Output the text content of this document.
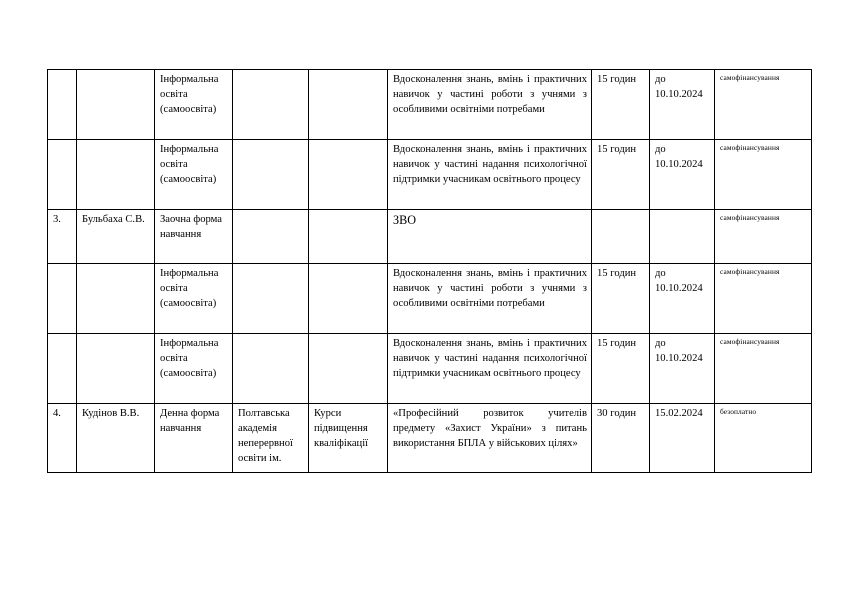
		Інформальна освіта (самоосвіта)			Вдосконалення знань, вмінь і практичних навичок у частині роботи з учнями з особливими освітніми потребами	15 годин	до 10.10.2024	самофінансування
		Інформальна освіта (самоосвіта)			Вдосконалення знань, вмінь і практичних навичок у частині надання психологічної підтримки учасникам освітнього процесу	15 годин	до 10.10.2024	самофінансування
3.	Бульбаха С.В.	Заочна форма навчання			ЗВО			самофінансування
		Інформальна освіта (самоосвіта)			Вдосконалення знань, вмінь і практичних навичок у частині роботи з учнями з особливими освітніми потребами	15 годин	до 10.10.2024	самофінансування
		Інформальна освіта (самоосвіта)			Вдосконалення знань, вмінь і практичних навичок у частині надання психологічної підтримки учасникам освітнього процесу	15 годин	до 10.10.2024	самофінансування
4.	Кудінов В.В.	Денна форма навчання	Полтавська академія неперервної освіти ім.	Курси підвищення кваліфікації	«Професійний розвиток учителів предмету «Захист України» з питань використання БПЛА у військових цілях»	30 годин	15.02.2024	безоплатно
